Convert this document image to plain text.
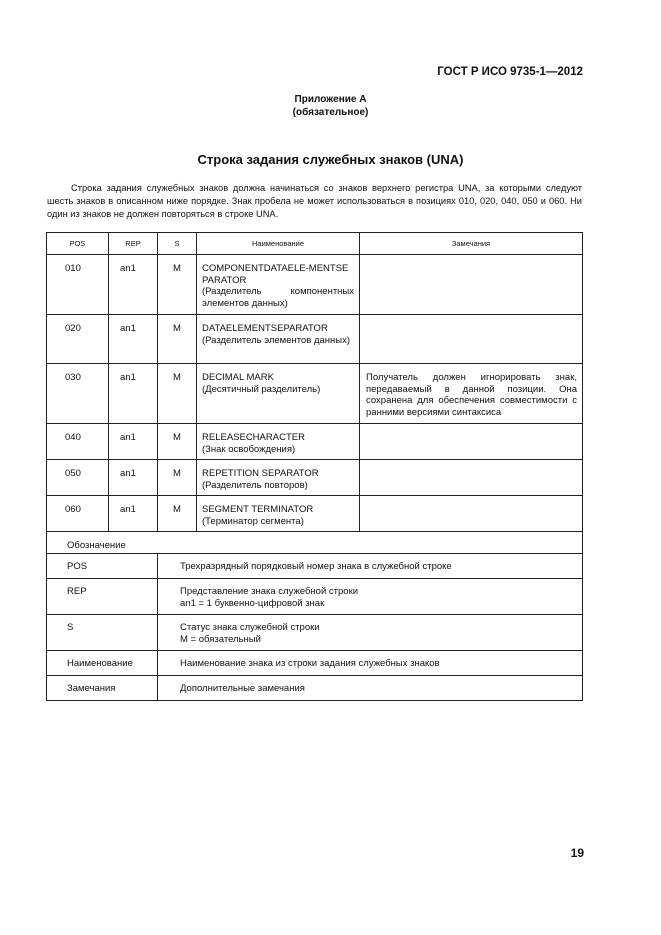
ГОСТ Р ИСО 9735-1—2012
Приложение А
(обязательное)
Строка задания служебных знаков (UNA)

Строка задания служебных знаков должна начинаться со знаков верхнего регистра UNA, за которыми следуют шесть знаков в описанном ниже порядке. Знак пробела не может использоваться в позициях 010, 020, 040, 050 и 060. Ни один из знаков не должен повторяться в строке UNA.

POS	REP	S	Наименование	Замечания
010	an1	M	COMPONENTDATAELE-MENTSEPARATOR
(Разделитель компонентных элементов данных)	

020	an1	M	DATAELEMENTSEPARATOR
(Разделитель элементов данных)	

030	an1	M	DECIMAL MARK
(Десятичный разделитель)	Получатель должен игнорировать знак, передаваемый в данной позиции. Она сохранена для обеспечения совместимости с ранними версиями синтаксиса
040	an1	M	RELEASECHARACTER
(Знак освобождения)	

050	an1	M	REPETITION SEPARATOR
(Разделитель повторов)	

060	an1	M	SEGMENT TERMINATOR
(Терминатор сегмента)	

Обозначение				
POS		Трехразрядный порядковый номер знака в служебной строке		

REP		Представление знака служебной строки
an1 = 1 буквенно-цифровой знак		

S		Статус знака служебной строки
M = обязательный		

Наименование		Наименование знака из строки задания служебных знаков		

Замечания		Дополнительные замечания		
19
